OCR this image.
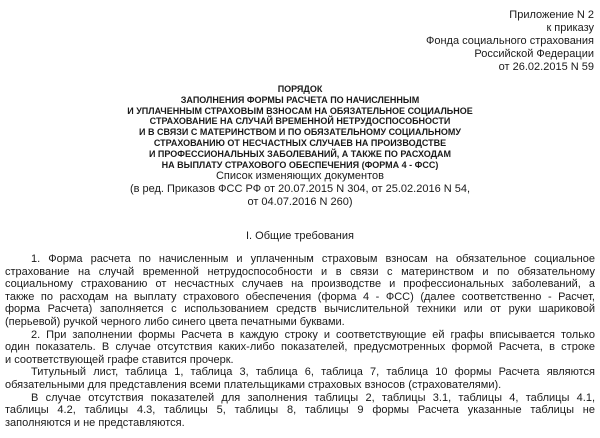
Приложение N 2
к приказу
Фонда социального страхования
Российской Федерации
от 26.02.2015 N 59
ПОРЯДОК
ЗАПОЛНЕНИЯ ФОРМЫ РАСЧЕТА ПО НАЧИСЛЕННЫМ
И УПЛАЧЕННЫМ СТРАХОВЫМ ВЗНОСАМ НА ОБЯЗАТЕЛЬНОЕ СОЦИАЛЬНОЕ
СТРАХОВАНИЕ НА СЛУЧАЙ ВРЕМЕННОЙ НЕТРУДОСПОСОБНОСТИ
И В СВЯЗИ С МАТЕРИНСТВОМ И ПО ОБЯЗАТЕЛЬНОМУ СОЦИАЛЬНОМУ
СТРАХОВАНИЮ ОТ НЕСЧАСТНЫХ СЛУЧАЕВ НА ПРОИЗВОДСТВЕ
И ПРОФЕССИОНАЛЬНЫХ ЗАБОЛЕВАНИЙ, А ТАКЖЕ ПО РАСХОДАМ
НА ВЫПЛАТУ СТРАХОВОГО ОБЕСПЕЧЕНИЯ (ФОРМА 4 - ФСС)
Список изменяющих документов
(в ред. Приказов ФСС РФ от 20.07.2015 N 304, от 25.02.2016 N 54,
от 04.07.2016 N 260)
I. Общие требования
1. Форма расчета по начисленным и уплаченным страховым взносам на обязательное социальное
страхование на случай временной нетрудоспособности и в связи с материнством и по обязательному
социальному страхованию от несчастных случаев на производстве и профессиональных заболеваний, а
также по расходам на выплату страхового обеспечения (форма 4 - ФСС) (далее соответственно - Расчет,
форма Расчета) заполняется с использованием средств вычислительной техники или от руки шариковой
(перьевой) ручкой черного либо синего цвета печатными буквами.
2. При заполнении формы Расчета в каждую строку и соответствующие ей графы вписывается только
один показатель. В случае отсутствия каких-либо показателей, предусмотренных формой Расчета, в строке
и соответствующей графе ставится прочерк.
Титульный лист, таблица 1, таблица 3, таблица 6, таблица 7, таблица 10 формы Расчета являются
обязательными для представления всеми плательщиками страховых взносов (страхователями).
В случае отсутствия показателей для заполнения таблицы 2, таблицы 3.1, таблицы 4, таблицы 4.1,
таблицы 4.2, таблицы 4.3, таблицы 5, таблицы 8, таблицы 9 формы Расчета указанные таблицы не
заполняются и не представляются.
